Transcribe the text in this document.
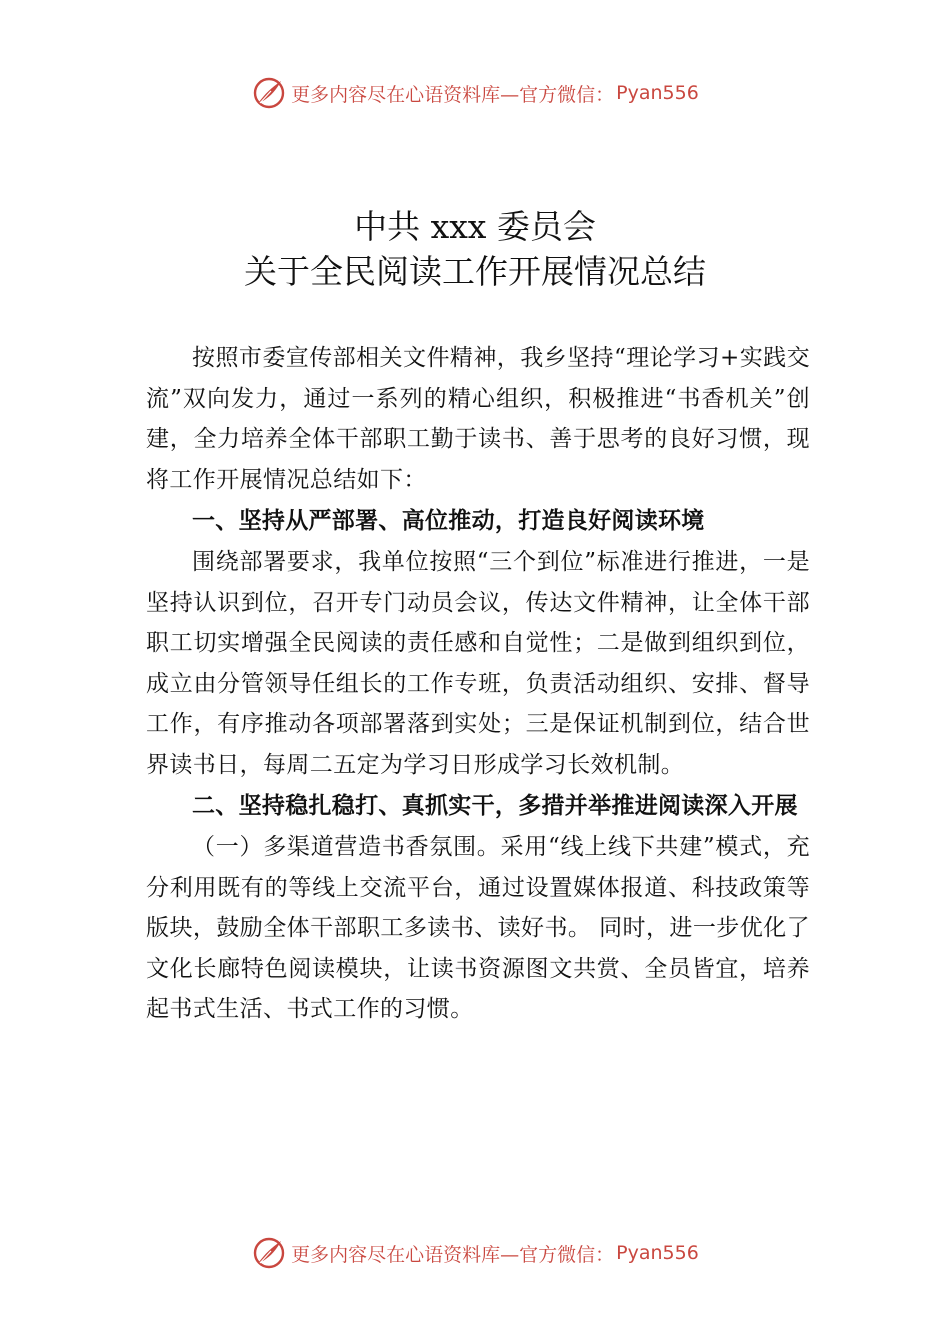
更多内容尽在心语资料库—官方微信： Pyan556
中共 xxx 委员会
关于全民阅读工作开展情况总结

按照市委宣传部相关文件精神，我乡坚持“理论学习+实践交流”双向发力，通过一系列的精心组织，积极推进“书香机关”创建，全力培养全体干部职工勤于读书、善于思考的良好习惯，现将工作开展情况总结如下：

一、坚持从严部署、高位推动，打造良好阅读环境

围绕部署要求，我单位按照“三个到位”标准进行推进，一是坚持认识到位，召开专门动员会议，传达文件精神，让全体干部职工切实增强全民阅读的责任感和自觉性；二是做到组织到位，成立由分管领导任组长的工作专班，负责活动组织、安排、督导工作，有序推动各项部署落到实处；三是保证机制到位，结合世界读书日，每周二五定为学习日形成学习长效机制。

二、坚持稳扎稳打、真抓实干，多措并举推进阅读深入开展

（一）多渠道营造书香氛围。采用“线上线下共建”模式，充分利用既有的等线上交流平台，通过设置媒体报道、科技政策等版块，鼓励全体干部职工多读书、读好书。 同时，进一步优化了文化长廊特色阅读模块，让读书资源图文共赏、全员皆宜，培养起书式生活、书式工作的习惯。

更多内容尽在心语资料库—官方微信： Pyan556
